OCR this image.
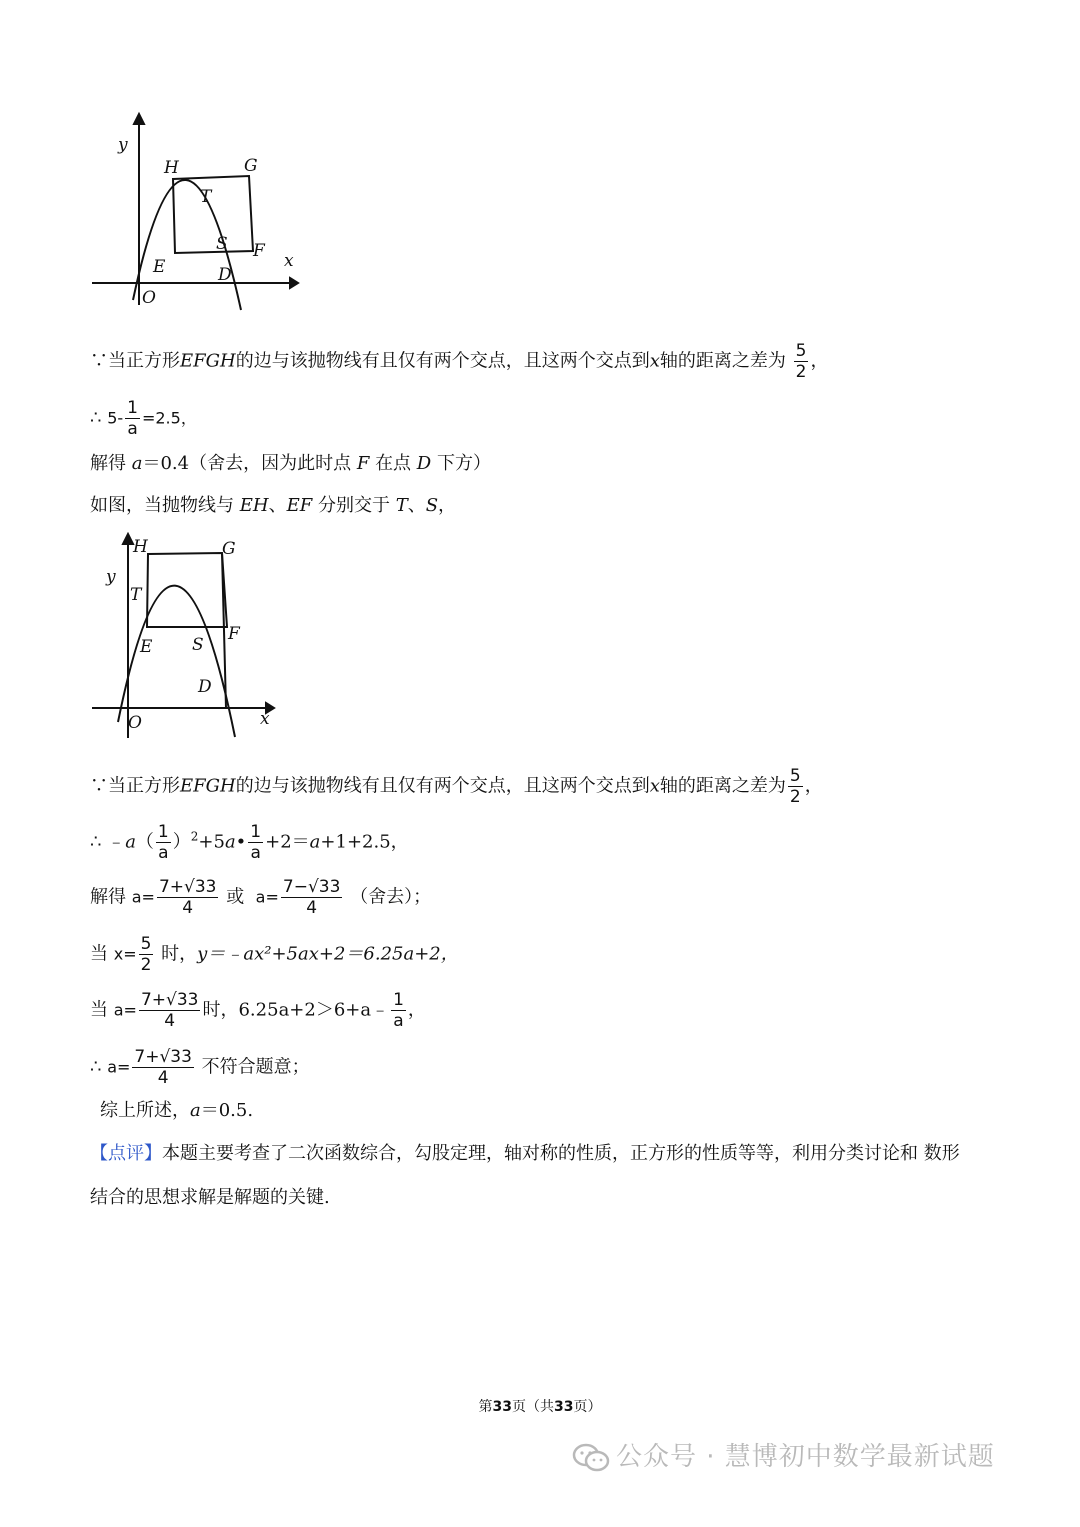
y
x
O
H	G
T
S F
E	D
∵当正方形EFGH的边与该抛物线有且仅有两个交点，且这两个交点到x轴的距离之差为 $\frac{5}{2}$ ，
∴ $5- \frac{1}{a} =2.5$，
解得 a＝0.4（舍去，因为此时点 F 在点 D 下方）
如图，当抛物线与 EH、EF 分别交于 T、S，
H	G
y
T
F
E S
D
O	x
∵当正方形EFGH的边与该抛物线有且仅有两个交点，且这两个交点到x轴的距离之差为 $\frac{5}{2}$ ，
∴ ﹣a（ $\frac{1}{a}$ ）$^2$+5a• $\frac{1}{a} +2=a+1+2.5$，
解得 $a= \frac{7+√33}{4}$ 或 $a= \frac{7-√33}{4}$ （舍去）；
当 $x= \frac{5}{2}$ 时，y＝﹣ax²+5ax+2＝6.25a+2，
当 $a= \frac{7+√33}{4}$ 时，6.25a+2＞6+a﹣ $\frac{1}{a}$ ，
∴ $a= \frac{7+√33}{4}$ 不符合题意；
综上所述，a＝0.5.
【点评】本题主要考查了二次函数综合，勾股定理，轴对称的性质，正方形的性质等等，利用分类讨论和 数形
结合的思想求解是解题的关键.
第33页（共33页）
公众号 · 慧博初中数学最新试题
